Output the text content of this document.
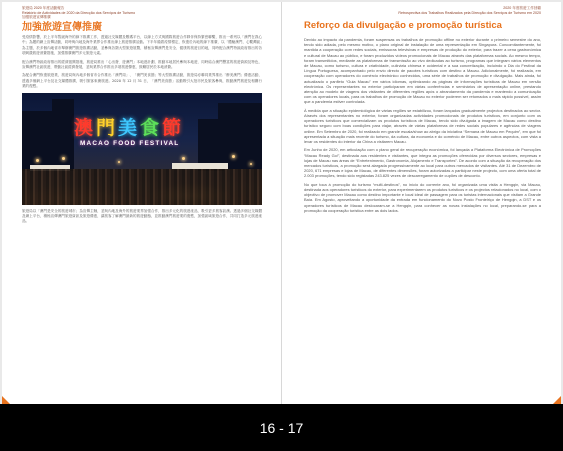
旅遊局 2020 年度活動報告
Relatório de Actividades de 2020 da Direcção dos Serviços de Turismo
加強旅遊宣傳推廣
加強旅遊宣傳推廣

受疫情影響，於上半年暫緩海外的線下推廣工作，透過社交媒體及數碼平台，以線上方式與國際旅遊合作夥伴保持緊密聯繫，推出一系列以「澳門在我心中」為題的網上宣傳活動，同時與內地及海外業界合作推出線上旅遊推廣活動。下半年隨着疫情穩定，恢復於內地的線下推廣，以「體驗澳門，心繫灣區」為主題，於多個內地省市舉辦澳門旅遊推廣活動，並參與各類大型旅遊展覽，積極宣傳澳門是安全、健康的旅遊目的地，同時配合澳門特區政府推出的各項刺激旅遊消費措施，加強推廣澳門多元旅遊元素。

配合澳門特區政府推出的經濟振興措施，旅遊局推出「心出發．遊澳門」本地遊計劃，推動本地居民參與本地遊，同時結合澳門豐富的旅遊資源及特色，宣傳澳門社區旅遊，帶動社區經濟發展，並與業界合作推出多項旅遊優惠，鼓勵居民於本地消費。

為配合澳門恢復旅遊業，旅遊局與內地多個省市合作推出「澳門周」、「澳門美食節」等大型推廣活動，旅遊局亦聯同業界推出「醉美澳門」優惠活動，透過多個網上平台及社交媒體推廣，吸引旅客來澳旅遊。2020 年 12 月 31 日，「澳門美食節」活動吸引大批市民及旅客參與，推動澳門旅遊及相關行業的復甦。

澳門美食節
MACAO FOOD FESTIVAL

旅遊局以「澳門是安全的旅遊城市」為宣傳主軸，並與內地及海外的旅遊業界加強合作，推出多元化的旅遊產品，吸引更多旅客訪澳。透過多個社交媒體及網上平台，積極宣傳澳門旅遊資訊及旅遊優惠，讓旅客了解澳門最新的旅遊動態，並推動澳門旅遊業的復甦，加強區域旅遊合作，共同打造多元旅遊產品。

2020 年度旅遊工作回顧
Retrospectiva dos Trabalhos Realizados pela Direcção dos Serviços de Turismo em 2020
Reforço da divulgação e promoção turística

Devido ao impacto da pandemia, foram suspensas os trabalhos de promoção offline no exterior durante o primeiro semestre do ano, tendo sido adiada, pelo mesmo motivo, o plano original de instalação de uma representação em Singapura. Concomitantemente, foi mantida a cooperação com redes sociais, emissoras televisivas e empresas de produção do exterior, para trazer a cena gastronómica e cultural de Macau ao público, e foram produzidos vídeos promocionais de Macau através das plataformas sociais. Ao mesmo tempo, foram transmitidos, mediante as plataformas de transmissão ao vivo dedicadas ao turismo, programas que integram vários elementos de Macau, como turismo, cultura e criatividade, culinária chinesa e ocidental e a sua concretização, incluindo o Dia do Festival da Língua Portuguesa, acompanhado pelo envio directo de pacotes turísticos com destino a Macau. Adicionalmente, foi realizada, em cooperação com operadores do comércio electrónico conhecidos, uma série de trabalhos de promoção e divulgação. Mais ainda, foi actualizado o panfleto “Guia Macau” em vários idiomas, optimizando as páginas de informações turísticas de Macau em versão electrónica. Os representantes no exterior participaram em várias conferências e seminários de apresentação online, prestando atenção ao modelo de viagens dos visitantes de diferentes regiões após o abrandamento da pandemia e mantendo a comunicação com os operadores locais, para os trabalhos de promoção de Macau no exterior poderem ser retomados o mais rápido possível, assim que a pandemia estiver controlada.

À medida que a situação epidemiológica de várias regiões se estabilizou, foram lançados gradualmente projectos destinados ao sector. Através dos representantes no exterior, foram organizadas actividades promocionais de produtos turísticos, em conjunto com os operadores turísticos que comercializam os produtos turísticos de Macau, tendo sido divulgada a imagem de Macau como destino turístico seguro com boas condições para viajar, através de várias plataformas de redes sociais populares e agências de viagens online. Em Setembro de 2020, foi realizado em grande escala/show ao abrigo da iniciativa “Semana de Macau em Pequim”, em que foi apresentada a situação mais recente do turismo, da cultura, da economia e do comércio de Macau, entre outros aspectos, com vista a levar os residentes do interior da China a visitarem Macau.

Em Junho de 2020, em articulação com o plano geral de recuperação económica, foi lançada a Plataforma Electrónica de Promoções “Macau Ready Go!”, destinada aos residentes e visitantes, que integra as promoções oferecidas por diversos sectores, empresas e lojas de Macau nas áreas de “Entretenimento, Gastronomia, Alojamento e Transportes”. De acordo com a situação da recuperação dos mercados turísticos, a promoção será alargada progressivamente ao local para outros mercados de visitantes. Até 31 de Dezembro de 2020, 671 empresas e lojas de Macau, de diferentes dimensões, foram autorizadas a participar neste projecto, com uma oferta total de 2.003 promoções, tendo sido registadas 243.825 vezes de descarregamento de cupões de desconto.

No que toca à promoção do turismo “multi-destinos”, no início do corrente ano, foi organizada uma visita a Hengqin, via Macau, destinada aos operadores turísticos do exterior, para experimentarem os produtos turísticos e os projectos relacionados no local, com o objectivo de promover Macau como destino importante e local ideal de passagem para os turistas internacionais que visitam a Grande Baía. Em Agosto, aproveitando a oportunidade da entrada em funcionamento do Novo Posto Fronteiriço de Hengqin, a DST e os operadores turísticos de Macau deslocaram-se a Hengqin, para conhecer as novas instalações no local, preparando-se para a promoção da cooperação turística entre as dois lados.

16 - 17
